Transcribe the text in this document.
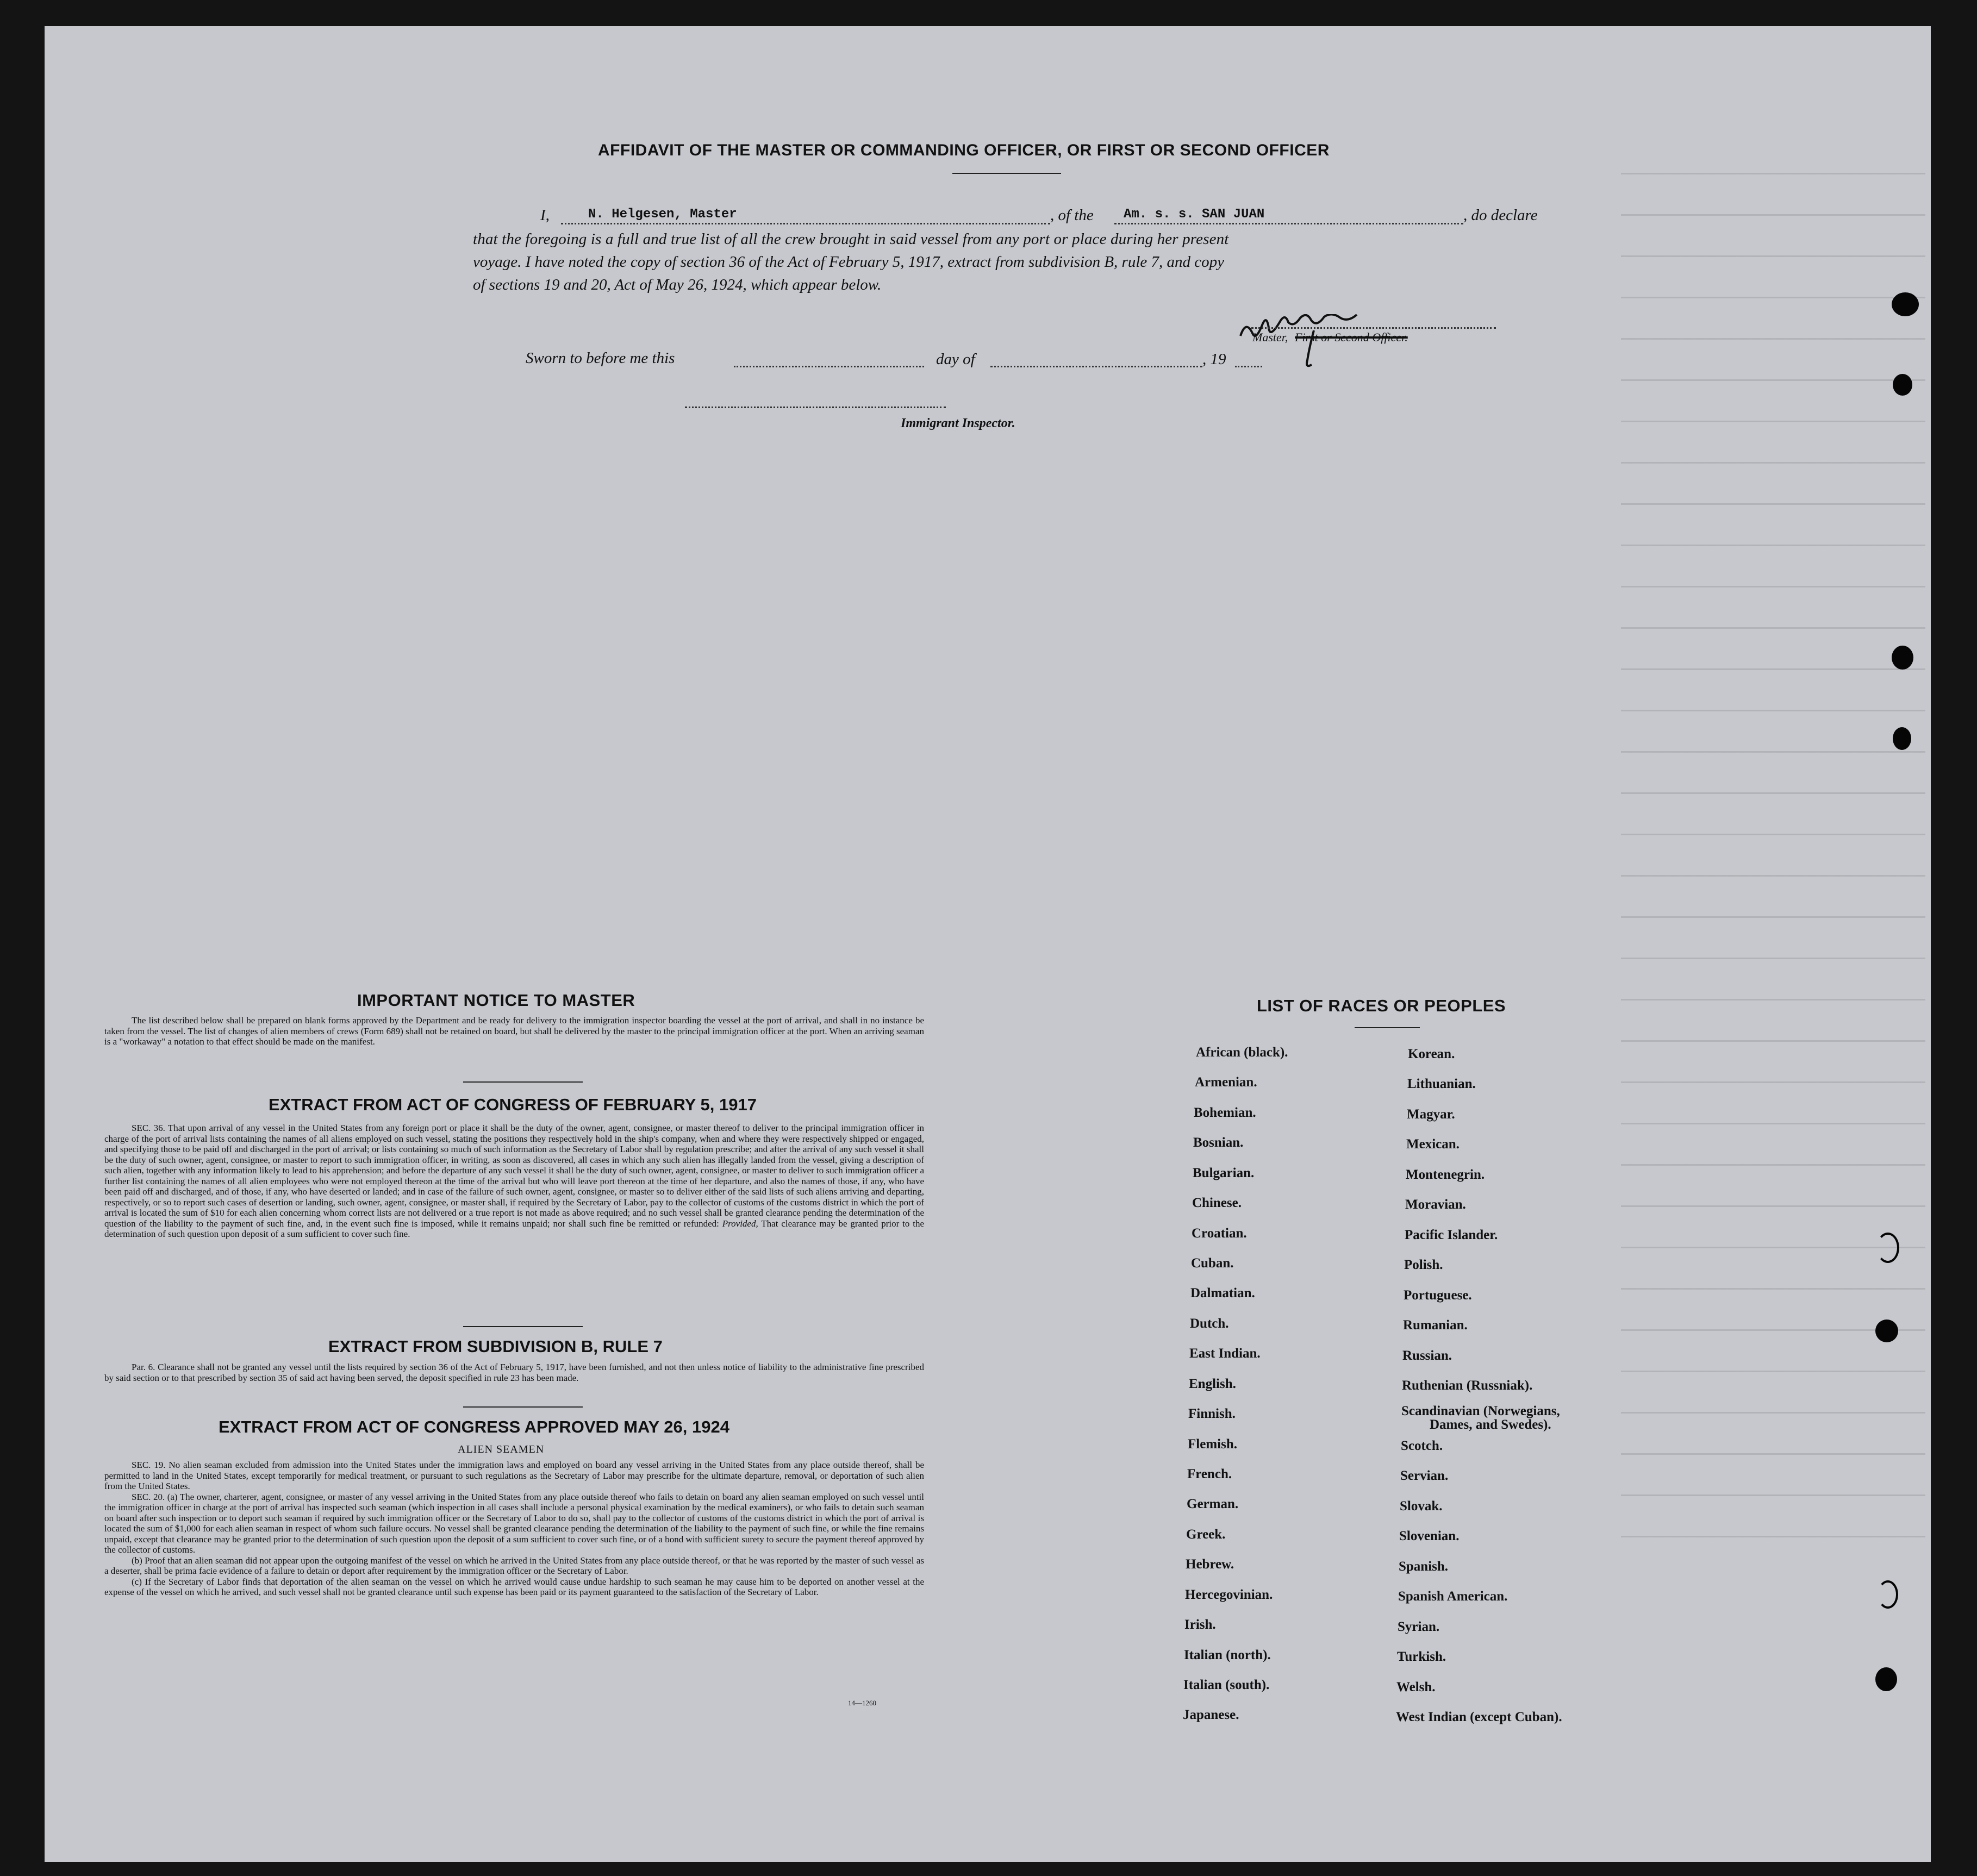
AFFIDAVIT OF THE MASTER OR COMMANDING OFFICER, OR FIRST OR SECOND OFFICER
I,	N. Helgesen, Master	, of the Am. s. s. SAN JUAN	, do declare
that the foregoing is a full and true list of all the crew brought in said vessel from any port or place during her present
voyage. I have noted the copy of section 36 of the Act of February 5, 1917, extract from subdivision B, rule 7, and copy
of sections 19 and 20, Act of May 26, 1924, which appear below.
Master, First or Second Officer.
Sworn to before me this	day of	, 19
Immigrant Inspector.
IMPORTANT NOTICE TO MASTER
The list described below shall be prepared on blank forms approved by the Department and be ready for delivery to the immigration inspector boarding the vessel at the port of arrival, and shall in no instance be taken from the vessel. The list of changes of alien members of crews (Form 689) shall not be retained on board, but shall be delivered by the master to the principal immigration officer at the port. When an arriving seaman is a "workaway" a notation to that effect should be made on the manifest.
EXTRACT FROM ACT OF CONGRESS OF FEBRUARY 5, 1917
SEC. 36. That upon arrival of any vessel in the United States from any foreign port or place it shall be the duty of the owner, agent, consignee, or master thereof to deliver to the principal immigration officer in charge of the port of arrival lists containing the names of all aliens employed on such vessel, stating the positions they respectively hold in the ship's company, when and where they were respectively shipped or engaged, and specifying those to be paid off and discharged in the port of arrival; or lists containing so much of such information as the Secretary of Labor shall by regulation prescribe; and after the arrival of any such vessel it shall be the duty of such owner, agent, consignee, or master to report to such immigration officer, in writing, as soon as discovered, all cases in which any such alien has illegally landed from the vessel, giving a description of such alien, together with any information likely to lead to his apprehension; and before the departure of any such vessel it shall be the duty of such owner, agent, consignee, or master to deliver to such immigration officer a further list containing the names of all alien employees who were not employed thereon at the time of the arrival but who will leave port thereon at the time of her departure, and also the names of those, if any, who have been paid off and discharged, and of those, if any, who have deserted or landed; and in case of the failure of such owner, agent, consignee, or master so to deliver either of the said lists of such aliens arriving and departing, respectively, or so to report such cases of desertion or landing, such owner, agent, consignee, or master shall, if required by the Secretary of Labor, pay to the collector of customs of the customs district in which the port of arrival is located the sum of $10 for each alien concerning whom correct lists are not delivered or a true report is not made as above required; and no such vessel shall be granted clearance pending the determination of the question of the liability to the payment of such fine, and, in the event such fine is imposed, while it remains unpaid; nor shall such fine be remitted or refunded: Provided, That clearance may be granted prior to the determination of such question upon deposit of a sum sufficient to cover such fine.
EXTRACT FROM SUBDIVISION B, RULE 7
Par. 6. Clearance shall not be granted any vessel until the lists required by section 36 of the Act of February 5, 1917, have been furnished, and not then unless notice of liability to the administrative fine prescribed by said section or to that prescribed by section 35 of said act having been served, the deposit specified in rule 23 has been made.
EXTRACT FROM ACT OF CONGRESS APPROVED MAY 26, 1924
ALIEN SEAMEN
SEC. 19. No alien seaman excluded from admission into the United States under the immigration laws and employed on board any vessel arriving in the United States from any place outside thereof, shall be permitted to land in the United States, except temporarily for medical treatment, or pursuant to such regulations as the Secretary of Labor may prescribe for the ultimate departure, removal, or deportation of such alien from the United States.
SEC. 20. (a) The owner, charterer, agent, consignee, or master of any vessel arriving in the United States from any place outside thereof who fails to detain on board any alien seaman employed on such vessel until the immigration officer in charge at the port of arrival has inspected such seaman (which inspection in all cases shall include a personal physical examination by the medical examiners), or who fails to detain such seaman on board after such inspection or to deport such seaman if required by such immigration officer or the Secretary of Labor to do so, shall pay to the collector of customs of the customs district in which the port of arrival is located the sum of $1,000 for each alien seaman in respect of whom such failure occurs. No vessel shall be granted clearance pending the determination of the liability to the payment of such fine, or while the fine remains unpaid, except that clearance may be granted prior to the determination of such question upon the deposit of a sum sufficient to cover such fine, or of a bond with sufficient surety to secure the payment thereof approved by the collector of customs.
(b) Proof that an alien seaman did not appear upon the outgoing manifest of the vessel on which he arrived in the United States from any place outside thereof, or that he was reported by the master of such vessel as a deserter, shall be prima facie evidence of a failure to detain or deport after requirement by the immigration officer or the Secretary of Labor.
(c) If the Secretary of Labor finds that deportation of the alien seaman on the vessel on which he arrived would cause undue hardship to such seaman he may cause him to be deported on another vessel at the expense of the vessel on which he arrived, and such vessel shall not be granted clearance until such expense has been paid or its payment guaranteed to the satisfaction of the Secretary of Labor.
14—1260
LIST OF RACES OR PEOPLES
African (black).
Armenian.
Bohemian.
Bosnian.
Bulgarian.
Chinese.
Croatian.
Cuban.
Dalmatian.
Dutch.
East Indian.
English.
Finnish.
Flemish.
French.
German.
Greek.
Hebrew.
Hercegovinian.
Irish.
Italian (north).
Italian (south).
Japanese.
Korean.
Lithuanian.
Magyar.
Mexican.
Montenegrin.
Moravian.
Pacific Islander.
Polish.
Portuguese.
Rumanian.
Russian.
Ruthenian (Russniak).
Scandinavian (Norwegians,
Dames, and Swedes).
Scotch.
Servian.
Slovak.
Slovenian.
Spanish.
Spanish American.
Syrian.
Turkish.
Welsh.
West Indian (except Cuban).
